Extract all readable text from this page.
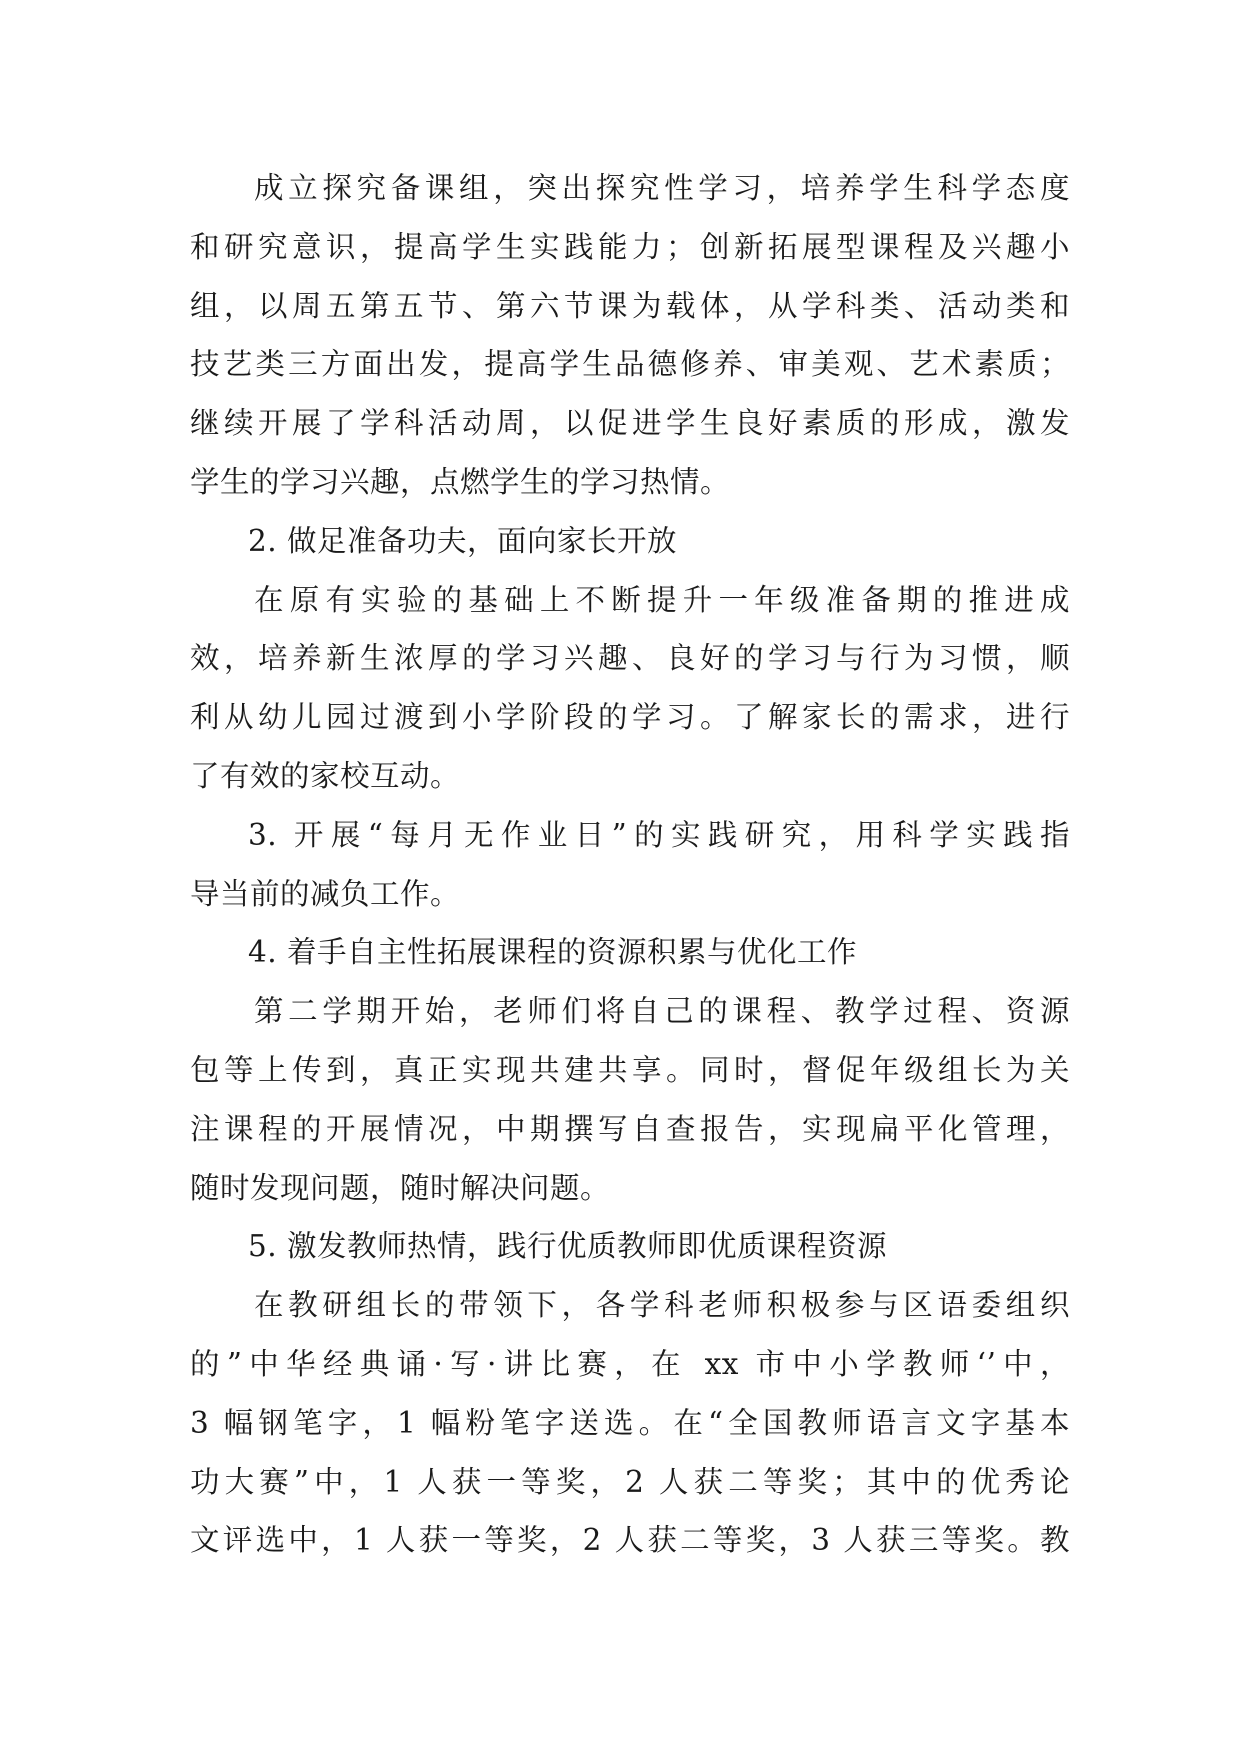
成立探究备课组，突出探究性学习，培养学生科学态度
和研究意识，提高学生实践能力；创新拓展型课程及兴趣小
组，以周五第五节、第六节课为载体，从学科类、活动类和
技艺类三方面出发，提高学生品德修养、审美观、艺术素质；
继续开展了学科活动周，以促进学生良好素质的形成，激发
学生的学习兴趣，点燃学生的学习热情。
2. 做足准备功夫，面向家长开放
在原有实验的基础上不断提升一年级准备期的推进成
效，培养新生浓厚的学习兴趣、良好的学习与行为习惯，顺
利从幼儿园过渡到小学阶段的学习。了解家长的需求，进行
了有效的家校互动。
3. 开展“每月无作业日”的实践研究，用科学实践指
导当前的减负工作。
4. 着手自主性拓展课程的资源积累与优化工作
第二学期开始，老师们将自己的课程、教学过程、资源
包等上传到，真正实现共建共享。同时，督促年级组长为关
注课程的开展情况，中期撰写自查报告，实现扁平化管理，
随时发现问题，随时解决问题。
5. 激发教师热情，践行优质教师即优质课程资源
在教研组长的带领下，各学科老师积极参与区语委组织
的”中华经典诵·写·讲比赛，在 xx 市中小学教师‘’中，
3 幅钢笔字，1 幅粉笔字送选。在“全国教师语言文字基本
功大赛”中，1 人获一等奖，2 人获二等奖；其中的优秀论
文评选中，1 人获一等奖，2 人获二等奖，3 人获三等奖。教
